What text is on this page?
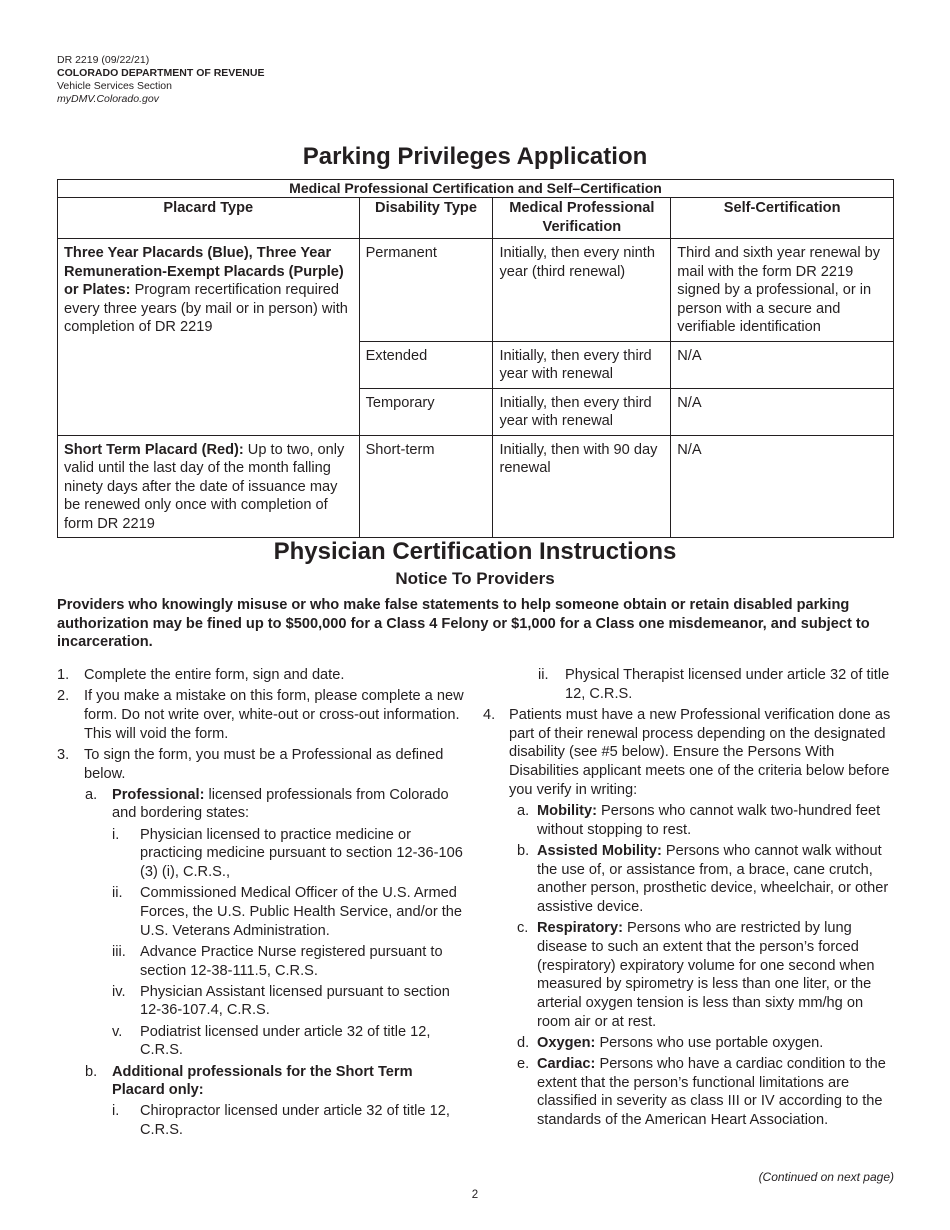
DR 2219 (09/22/21)
COLORADO DEPARTMENT OF REVENUE
Vehicle Services Section
myDMV.Colorado.gov
Parking Privileges Application
Medical Professional Certification and Self–Certification			
Placard Type	Disability Type	Medical Professional Verification	Self-Certification
Three Year Placards (Blue), Three Year Remuneration-Exempt Placards (Purple) or Plates: Program recertification required every three years (by mail or in person) with completion of DR 2219	Permanent	Initially, then every ninth year (third renewal)	Third and sixth year renewal by mail with the form DR 2219 signed by a professional, or in person with a secure and verifiable identification
	Extended	Initially, then every third year with renewal	N/A
	Temporary	Initially, then every third year with renewal	N/A
Short Term Placard (Red): Up to two, only valid until the last day of the month falling ninety days after the date of issuance may be renewed only once with completion of form DR 2219	Short-term	Initially, then with 90 day renewal	N/A
Physician Certification Instructions
Notice To Providers
Providers who knowingly misuse or who make false statements to help someone obtain or retain disabled parking authorization may be fined up to $500,000 for a Class 4 Felony or $1,000 for a Class one misdemeanor, and subject to incarceration.
1. Complete the entire form, sign and date.
2. If you make a mistake on this form, please complete a new form. Do not write over, white-out or cross-out information. This will void the form.
3. To sign the form, you must be a Professional as defined below.
a. Professional: licensed professionals from Colorado and bordering states:
i. Physician licensed to practice medicine or practicing medicine pursuant to section 12-36-106 (3) (i), C.R.S.,
ii. Commissioned Medical Officer of the U.S. Armed Forces, the U.S. Public Health Service, and/or the U.S. Veterans Administration.
iii. Advance Practice Nurse registered pursuant to section 12-38-111.5, C.R.S.
iv. Physician Assistant licensed pursuant to section 12-36-107.4, C.R.S.
v. Podiatrist licensed under article 32 of title 12, C.R.S.
b. Additional professionals for the Short Term Placard only:
i. Chiropractor licensed under article 32 of title 12, C.R.S.
ii. Physical Therapist licensed under article 32 of title 12, C.R.S.
4. Patients must have a new Professional verification done as part of their renewal process depending on the designated disability (see #5 below). Ensure the Persons With Disabilities applicant meets one of the criteria below before you verify in writing:
a. Mobility: Persons who cannot walk two-hundred feet without stopping to rest.
b. Assisted Mobility: Persons who cannot walk without the use of, or assistance from, a brace, cane crutch, another person, prosthetic device, wheelchair, or other assistive device.
c. Respiratory: Persons who are restricted by lung disease to such an extent that the person’s forced (respiratory) expiratory volume for one second when measured by spirometry is less than one liter, or the arterial oxygen tension is less than sixty mm/hg on room air or at rest.
d. Oxygen: Persons who use portable oxygen.
e. Cardiac: Persons who have a cardiac condition to the extent that the person’s functional limitations are classified in severity as class III or IV according to the standards of the American Heart Association.
(Continued on next page)
2
